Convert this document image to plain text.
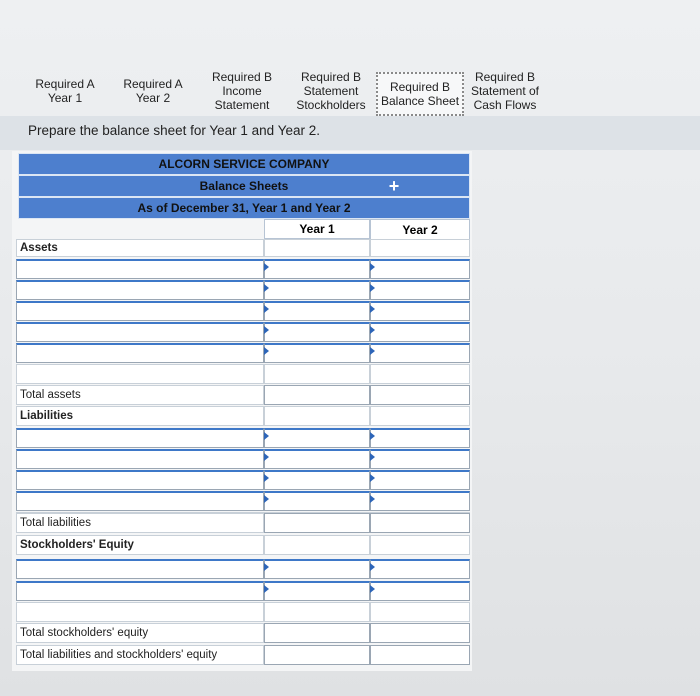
Required A
Year 1
Required A
Year 2
Required B
Income
Statement
Required B
Statement
Stockholders
Required B
Balance Sheet
Required B
Statement of
Cash Flows
Prepare the balance sheet for Year 1 and Year 2.
ALCORN SERVICE COMPANY
Balance Sheets	+
As of December 31, Year 1 and Year 2
Year 1	Year 2
Assets
Total assets
Liabilities
Total liabilities
Stockholders' Equity
Total stockholders' equity
Total liabilities and stockholders' equity
